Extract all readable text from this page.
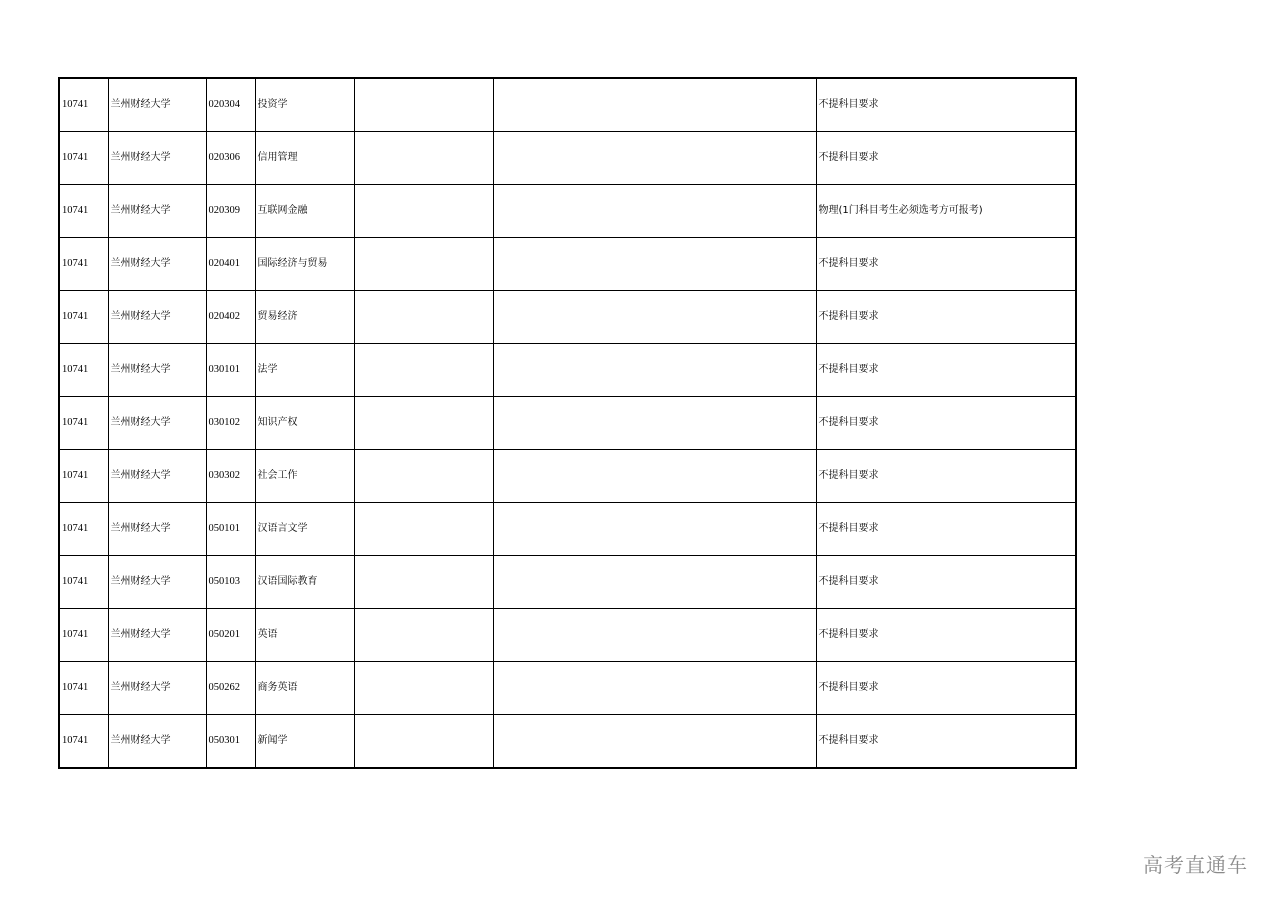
10741	兰州财经大学	020304	投资学			不提科目要求
10741	兰州财经大学	020306	信用管理			不提科目要求
10741	兰州财经大学	020309	互联网金融			物理(1门科目考生必须选考方可报考)
10741	兰州财经大学	020401	国际经济与贸易			不提科目要求
10741	兰州财经大学	020402	贸易经济			不提科目要求
10741	兰州财经大学	030101	法学			不提科目要求
10741	兰州财经大学	030102	知识产权			不提科目要求
10741	兰州财经大学	030302	社会工作			不提科目要求
10741	兰州财经大学	050101	汉语言文学			不提科目要求
10741	兰州财经大学	050103	汉语国际教育			不提科目要求
10741	兰州财经大学	050201	英语			不提科目要求
10741	兰州财经大学	050262	商务英语			不提科目要求
10741	兰州财经大学	050301	新闻学			不提科目要求
高考直通车
